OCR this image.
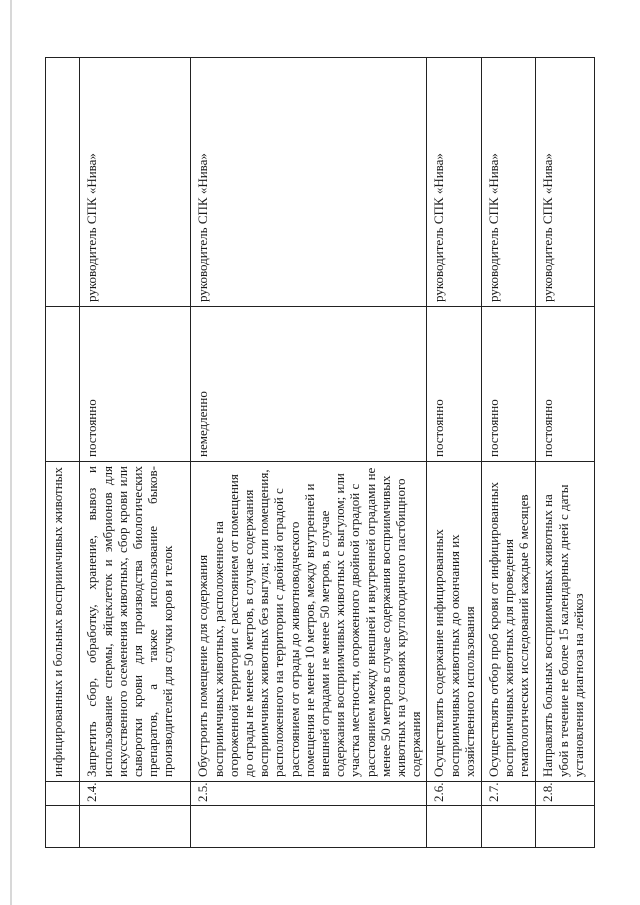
		инфицированных и больных восприимчивых животных		
	2.4.	Запретить сбор, обработку, хранение, вывоз и использование спермы, яйцеклеток и эмбрионов для искусственного осеменения животных, сбор крови или сыворотки крови для производства биологических препаратов, а также использование быков-производителей для случки коров и телок	постоянно	руководитель СПК «Нива»
	2.5.	Обустроить помещение для содержания восприимчивых животных, расположенное на огороженной территории с расстоянием от помещения до ограды не менее 50 метров, в случае содержания восприимчивых животных без выгула; или помещения, расположенного на территории с двойной оградой с расстоянием от ограды до животноводческого помещения не менее 10 метров, между внутренней и внешней оградами не менее 50 метров, в случае содержания восприимчивых животных с выгулом; или участка местности, огороженного двойной оградой с расстоянием между внешней и внутренней оградами не менее 50 метров в случае содержания восприимчивых животных на условиях круглогодичного пастбищного содержания	немедленно	руководитель СПК «Нива»
	2.6.	Осуществлять содержание инфицированных восприимчивых животных до окончания их хозяйственного использования	постоянно	руководитель СПК «Нива»
	2.7.	Осуществлять отбор проб крови от инфицированных восприимчивых животных для проведения гематологических исследований каждые 6 месяцев	постоянно	руководитель СПК «Нива»
	2.8.	Направлять больных восприимчивых животных на убой в течение не более 15 календарных дней с даты установления диагноза на лейкоз	постоянно	руководитель СПК «Нива»
